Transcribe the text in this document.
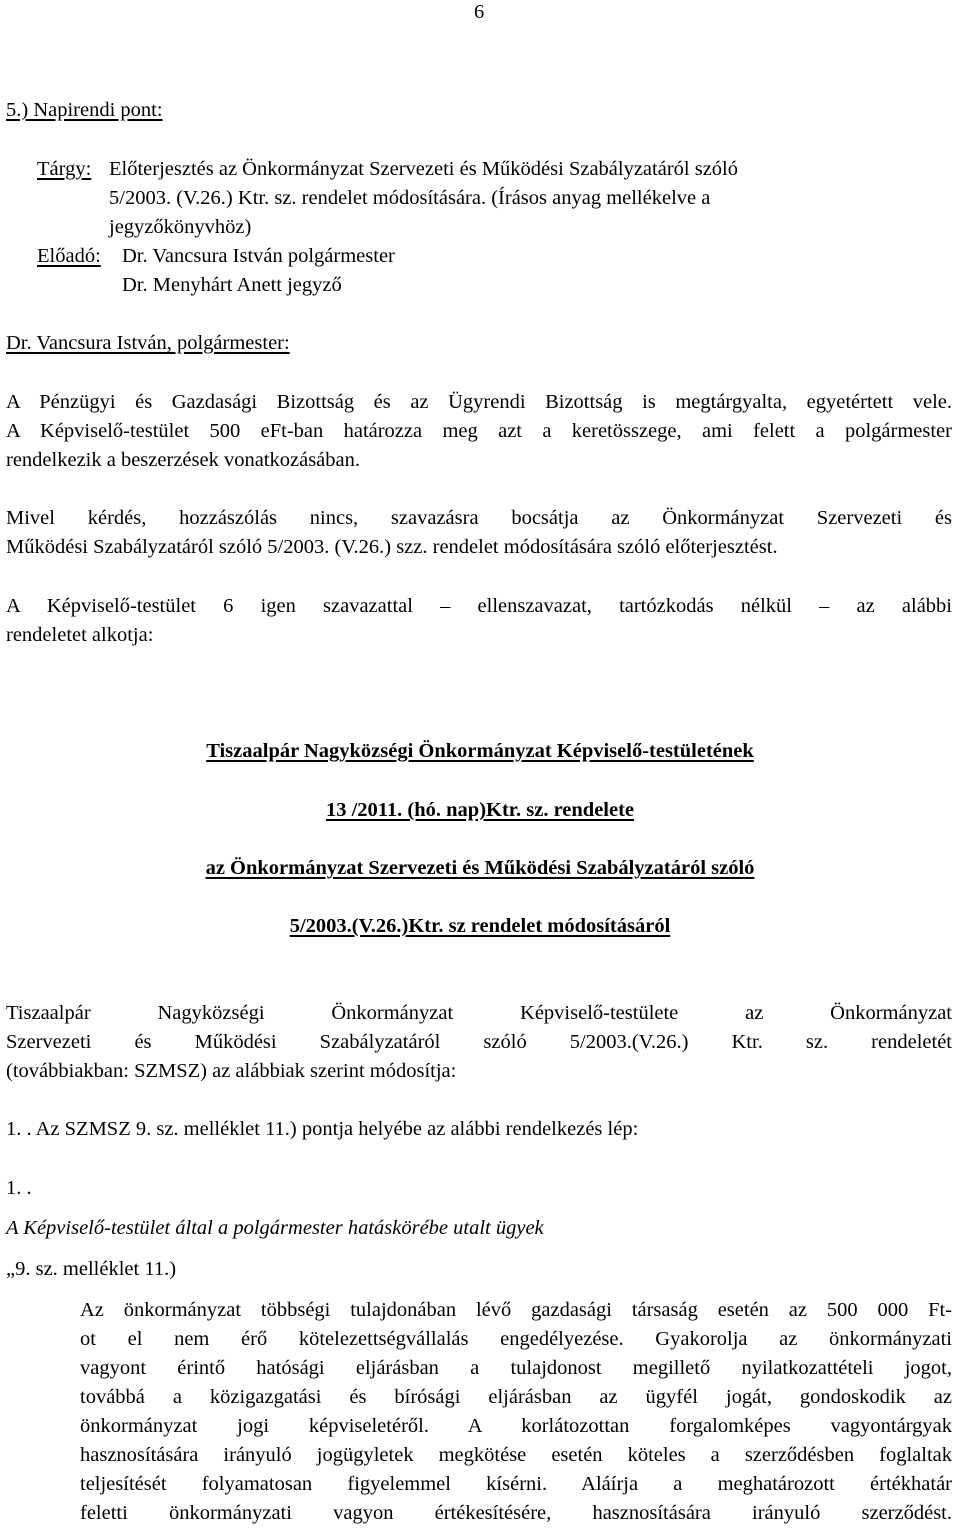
6
5.) Napirendi pont:
Tárgy: Előterjesztés az Önkormányzat Szervezeti és Működési Szabályzatáról szóló
5/2003. (V.26.) Ktr. sz. rendelet módosítására. (Írásos anyag mellékelve a
jegyzőkönyvhöz)
Előadó: Dr. Vancsura István polgármester
Dr. Menyhárt Anett jegyző
Dr. Vancsura István, polgármester:
A Pénzügyi és Gazdasági Bizottság és az Ügyrendi Bizottság is megtárgyalta, egyetértett vele.
A Képviselő-testület 500 eFt-ban határozza meg azt a keretösszege, ami felett a polgármester
rendelkezik a beszerzések vonatkozásában.
Mivel kérdés, hozzászólás nincs, szavazásra bocsátja az Önkormányzat Szervezeti és
Működési Szabályzatáról szóló 5/2003. (V.26.) szz. rendelet módosítására szóló előterjesztést.
A Képviselő-testület 6 igen szavazattal – ellenszavazat, tartózkodás nélkül – az alábbi
rendeletet alkotja:
Tiszaalpár Nagyközségi Önkormányzat Képviselő-testületének
13 /2011. (hó. nap)Ktr. sz. rendelete
az Önkormányzat Szervezeti és Működési Szabályzatáról szóló
5/2003.(V.26.)Ktr. sz rendelet módosításáról
Tiszaalpár Nagyközségi Önkormányzat Képviselő-testülete az Önkormányzat
Szervezeti és Működési Szabályzatáról szóló 5/2003.(V.26.) Ktr. sz. rendeletét
(továbbiakban: SZMSZ) az alábbiak szerint módosítja:
1. . Az SZMSZ 9. sz. melléklet 11.) pontja helyébe az alábbi rendelkezés lép:
1. .
A Képviselő-testület által a polgármester hatáskörébe utalt ügyek
„9. sz. melléklet 11.)
Az önkormányzat többségi tulajdonában lévő gazdasági társaság esetén az 500 000 Ft-
ot el nem érő kötelezettségvállalás engedélyezése. Gyakorolja az önkormányzati
vagyont érintő hatósági eljárásban a tulajdonost megillető nyilatkozattételi jogot,
továbbá a közigazgatási és bírósági eljárásban az ügyfél jogát, gondoskodik az
önkormányzat jogi képviseletéről. A korlátozottan forgalomképes vagyontárgyak
hasznosítására irányuló jogügyletek megkötése esetén köteles a szerződésben foglaltak
teljesítését folyamatosan figyelemmel kísérni. Aláírja a meghatározott értékhatár
feletti önkormányzati vagyon értékesítésére, hasznosítására irányuló szerződést.
